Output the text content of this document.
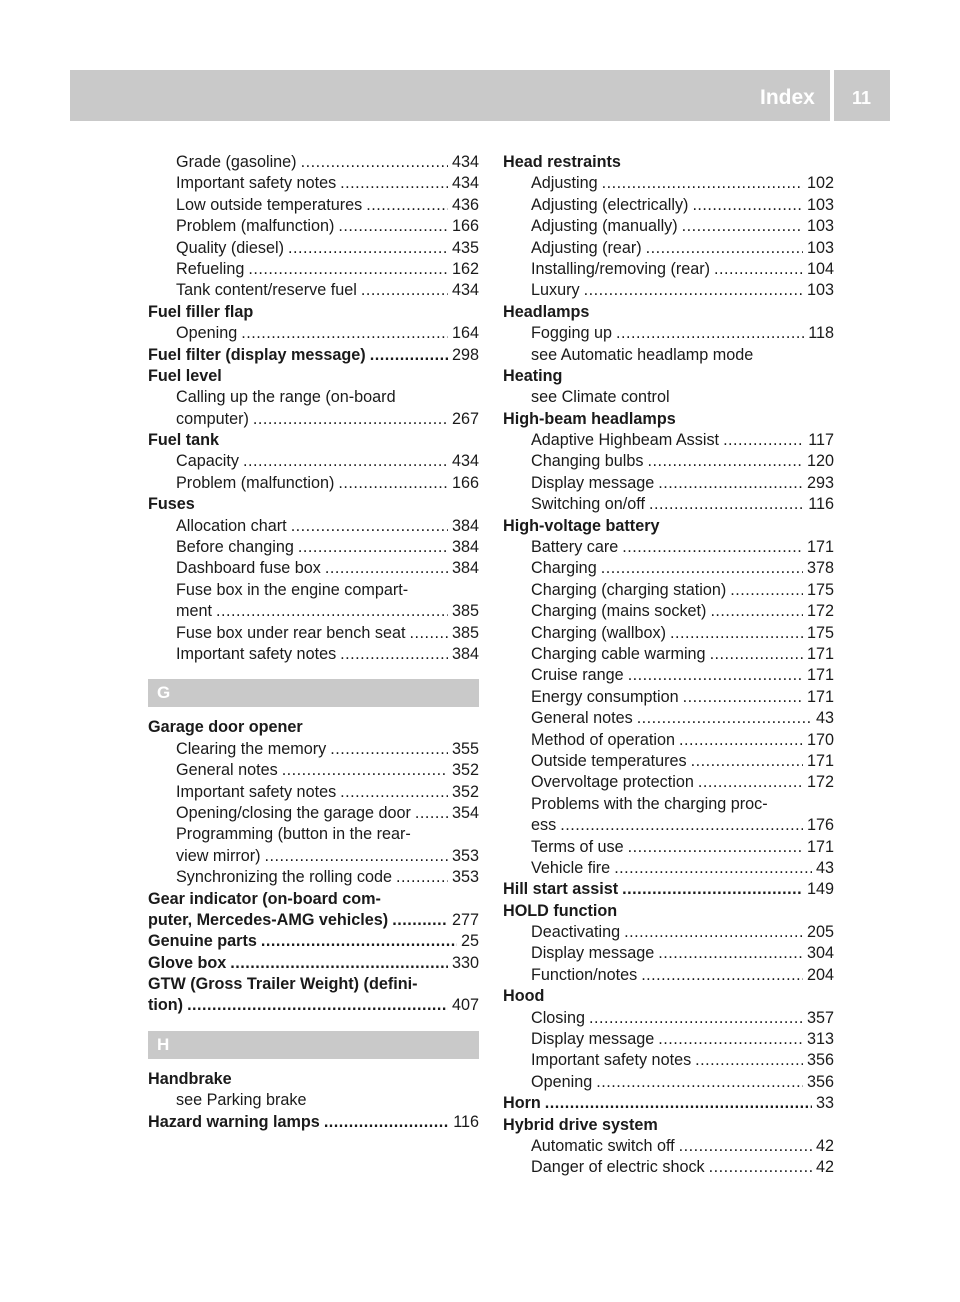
Index 11
Grade (gasoline) .....	434
Important safety notes .....	434
Low outside temperatures .....	436
Problem (malfunction) .....	166
Quality (diesel) .....	435
Refueling .....	162
Tank content/reserve fuel .....	434
Fuel filler flap
Opening .....	164
Fuel filter (display message) .....	298
Fuel level
Calling up the range (on-board
computer) .....	267
Fuel tank
Capacity .....	434
Problem (malfunction) .....	166
Fuses
Allocation chart .....	384
Before changing .....	384
Dashboard fuse box .....	384
Fuse box in the engine compart-
ment .....	385
Fuse box under rear bench seat .....	385
Important safety notes .....	384
G
Garage door opener
Clearing the memory .....	355
General notes .....	352
Important safety notes .....	352
Opening/closing the garage door .....	354
Programming (button in the rear-
view mirror) .....	353
Synchronizing the rolling code .....	353
Gear indicator (on-board com-
puter, Mercedes-AMG vehicles) .....	277
Genuine parts .....	25
Glove box .....	330
GTW (Gross Trailer Weight) (defini-
tion) .....	407
H
Handbrake
see Parking brake
Hazard warning lamps .....	116
Head restraints
Adjusting .....	102
Adjusting (electrically) .....	103
Adjusting (manually) .....	103
Adjusting (rear) .....	103
Installing/removing (rear) .....	104
Luxury .....	103
Headlamps
Fogging up .....	118
see Automatic headlamp mode
Heating
see Climate control
High-beam headlamps
Adaptive Highbeam Assist .....	117
Changing bulbs .....	120
Display message .....	293
Switching on/off .....	116
High-voltage battery
Battery care .....	171
Charging .....	378
Charging (charging station) .....	175
Charging (mains socket) .....	172
Charging (wallbox) .....	175
Charging cable warming .....	171
Cruise range .....	171
Energy consumption .....	171
General notes .....	43
Method of operation .....	170
Outside temperatures .....	171
Overvoltage protection .....	172
Problems with the charging proc-
ess .....	176
Terms of use .....	171
Vehicle fire .....	43
Hill start assist .....	149
HOLD function
Deactivating .....	205
Display message .....	304
Function/notes .....	204
Hood
Closing .....	357
Display message .....	313
Important safety notes .....	356
Opening .....	356
Horn .....	33
Hybrid drive system
Automatic switch off .....	42
Danger of electric shock .....	42
